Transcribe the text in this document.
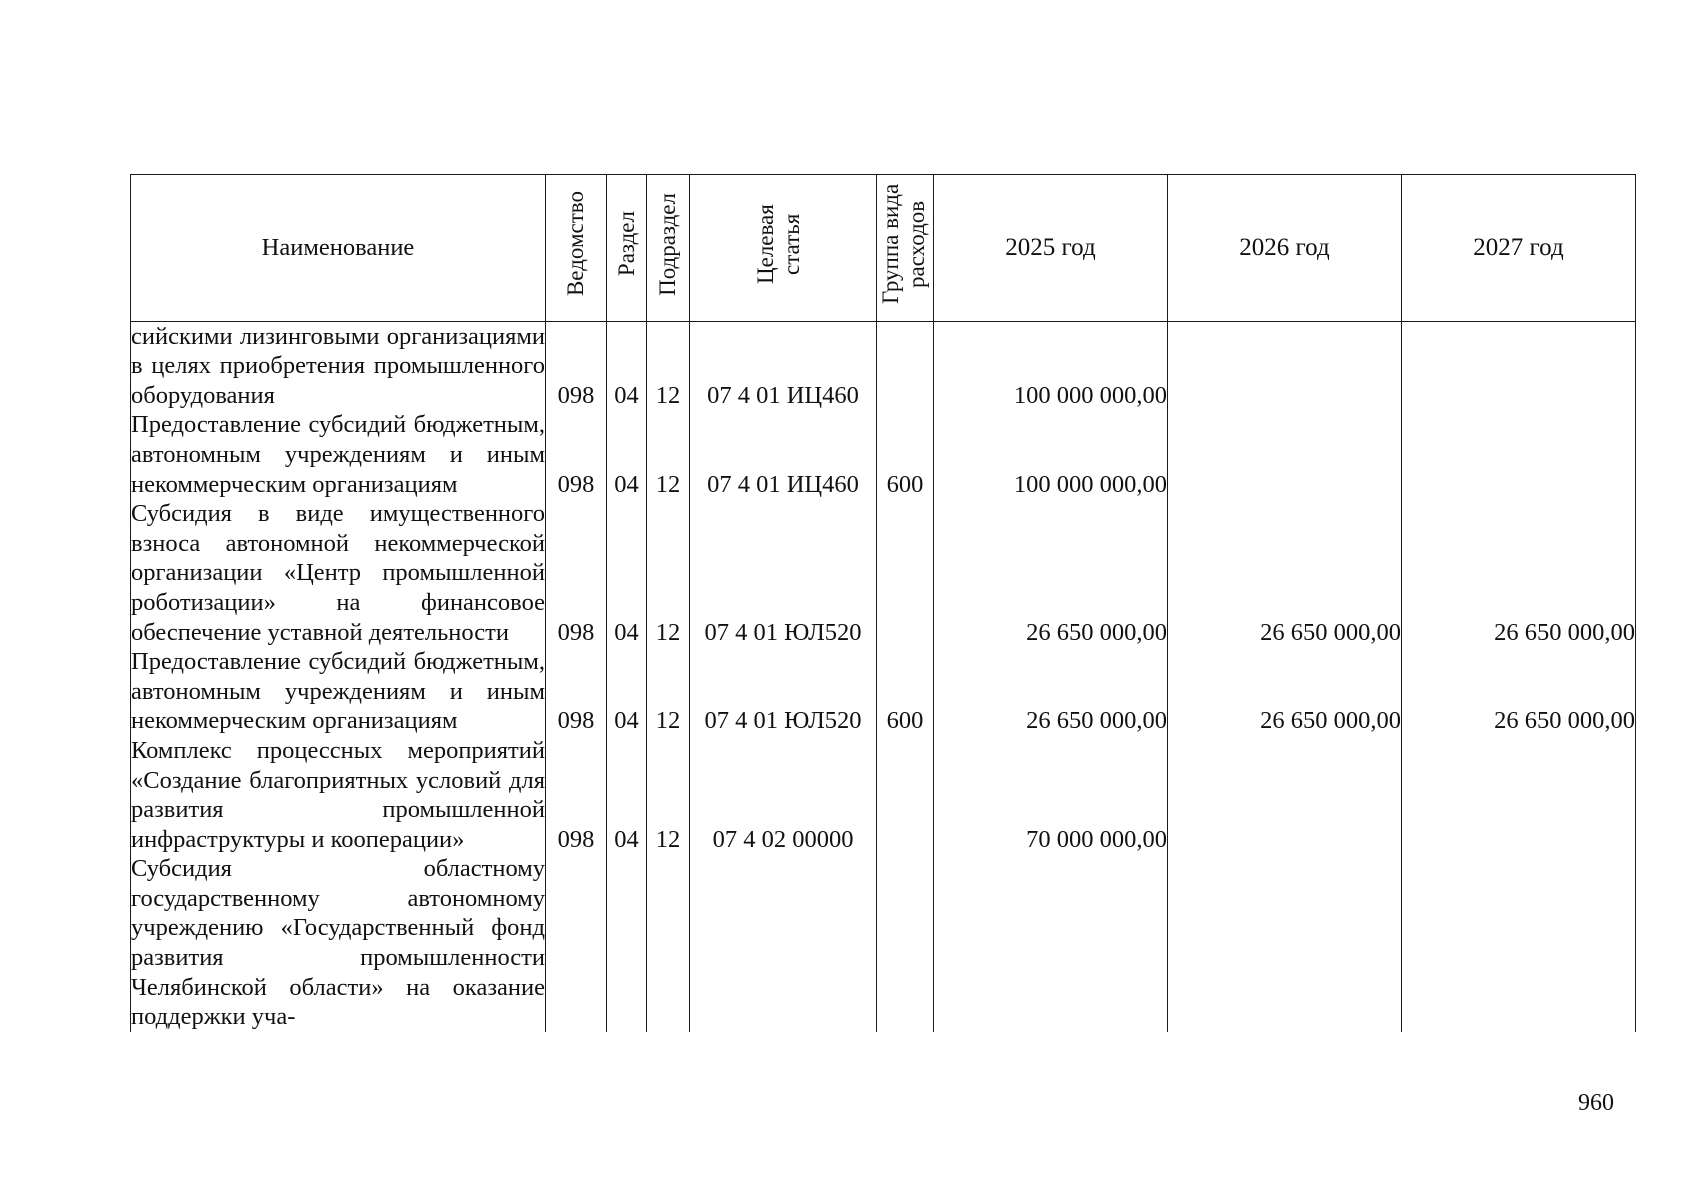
Наименование	Ведомство	Раздел	Подраздел	Целевая статья	Группа вида расходов	2025 год	2026 год	2027 год
сийскими лизинговыми организациями в целях приобретения промышленного оборудования	098	04	12	07 4 01 ИЦ460		100 000 000,00		
Предоставление субсидий бюджетным, автономным учреждениям и иным некоммерческим организациям	098	04	12	07 4 01 ИЦ460	600	100 000 000,00		
Субсидия в виде имущественного взноса автономной некоммерческой организации «Центр промышленной роботизации» на финансовое обеспечение уставной деятельности	098	04	12	07 4 01 ЮЛ520		26 650 000,00	26 650 000,00	26 650 000,00
Предоставление субсидий бюджетным, автономным учреждениям и иным некоммерческим организациям	098	04	12	07 4 01 ЮЛ520	600	26 650 000,00	26 650 000,00	26 650 000,00
Комплекс процессных мероприятий «Создание благоприятных условий для развития промышленной инфраструктуры и кооперации»	098	04	12	07 4 02 00000		70 000 000,00		
Субсидия областному государственному автономному учреждению «Государственный фонд развития промышленности Челябинской области» на оказание поддержки уча-								
960
